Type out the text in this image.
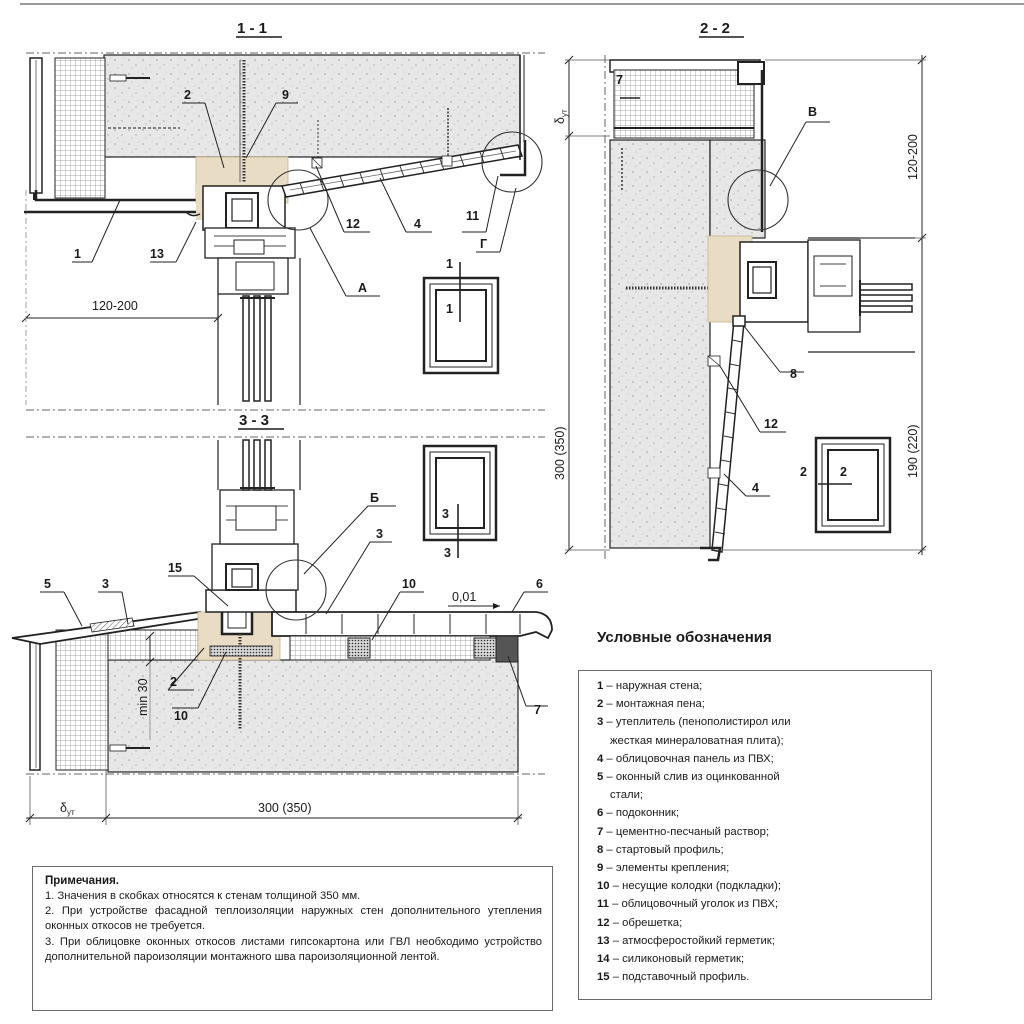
1 - 1	2 - 2
3 - 3
1	13
2	9
12	4
11
Г
А
1
1
5	3
15
Б
3
10	6
7
2
10
3
3
В
7
8
12
4
2	2
120-200
300 (350)
0,01
$\delta_{ут}$
min 30
300 (350)
$\delta_{ут}$
120-200
190 (220)
Условные обозначения

1 – наружная стена;

2 – монтажная пена;

3 – утеплитель (пенополистирол или
жесткая минераловатная плита);

4 – облицовочная панель из ПВХ;

5 – оконный слив из оцинкованной
стали;

6 – подоконник;

7 – цементно-песчаный раствор;

8 – стартовый профиль;

9 – элементы крепления;

10 – несущие колодки (подкладки);

11 – облицовочный уголок из ПВХ;

12 – обрешетка;

13 – атмосферостойкий герметик;

14 – силиконовый герметик;

15 – подставочный профиль.

Примечания.

1. Значения в скобках относятся к стенам толщиной 350 мм.

2. При устройстве фасадной теплоизоляции наружных стен дополнительного утепления оконных откосов не требуется.

3. При облицовке оконных откосов листами гипсокартона или ГВЛ необходимо устройство дополнительной пароизоляции монтажного шва пароизоляционной лентой.
